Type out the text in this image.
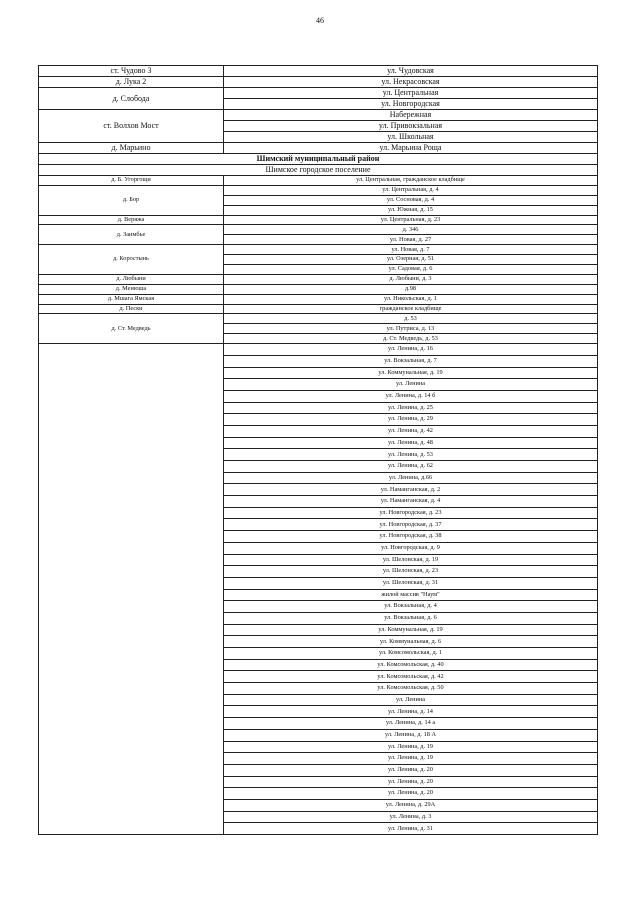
46
ст. Чудово 3	ул. Чудовская
д. Лука 2	ул. Некрасовская
д. Слобода	ул. Центральная
	ул. Новгородская
ст. Волхов Мост	Набережная
	ул. Привокзальная
	ул. Школьная
д. Марьино	ул. Марьина Роща
Шимский муниципальный район	
Шимское городское поселение	
д. Б. Угоргощи	ул. Центральная, гражданское кладбище
д. Бор	ул. Центральная, д. 4
	ул. Сосновая, д. 4
	ул. Южная, д. 15
д. Веряжа	ул. Центральная, д. 23
д. Заимбье	д. 346
	ул. Новая, д. 27
д. Коростынь	ул. Новая, д. 7
	ул. Озерная, д. 51
	ул. Садовая, д. 6
д. Любыни	д. Любыни, д. 3
д. Менюша	д.98
д. Мшага Ямская	ул. Никольская, д. 1
д. Пески	гражданское кладбище
д. Ст. Медведь	д. 53
	ул. Путриса, д. 13
	д. Ст. Медведь, д. 53
	ул. Ленина, д. 16
	ул. Вокзальная, д. 7
	ул. Коммунальная, д. 19
	ул. Ленина
	ул. Ленина, д. 14 б
	ул. Ленина, д. 25
	ул. Ленина, д. 29
	ул. Ленина, д. 42
	ул. Ленина, д. 48
	ул. Ленина, д. 53
	ул. Ленина, д. 62
	ул. Ленина, д.66
	ул. Наманганская, д. 2
	ул. Наманганская, д. 4
	ул. Новгородская, д. 23
	ул. Новгородская, д. 37
	ул. Новгородская, д. 38
	ул. Новгородская, д. 9
	ул. Шелонская, д. 19
	ул. Шелонская, д. 23
	ул. Шелонская, д. 31
	жилой массив "Наум"
	ул. Вокзальная, д. 4
	ул. Вокзальная, д. 6
	ул. Коммунальная, д. 19
	ул. Коммунальная, д. 6
	ул. Комсомольская, д. 1
	ул. Комсомольская, д. 40
	ул. Комсомольская, д. 42
	ул. Комсомольская, д. 50
	ул. Ленина
	ул. Ленина, д. 14
	ул. Ленина, д. 14 а
	ул. Ленина, д. 18 А
	ул. Ленина, д. 19
	ул. Ленина, д. 19
	ул. Ленина, д. 20
	ул. Ленина, д. 20
	ул. Ленина, д. 20
	ул. Ленина, д. 29А
	ул. Ленина, д. 3
	ул. Ленина, д. 31
